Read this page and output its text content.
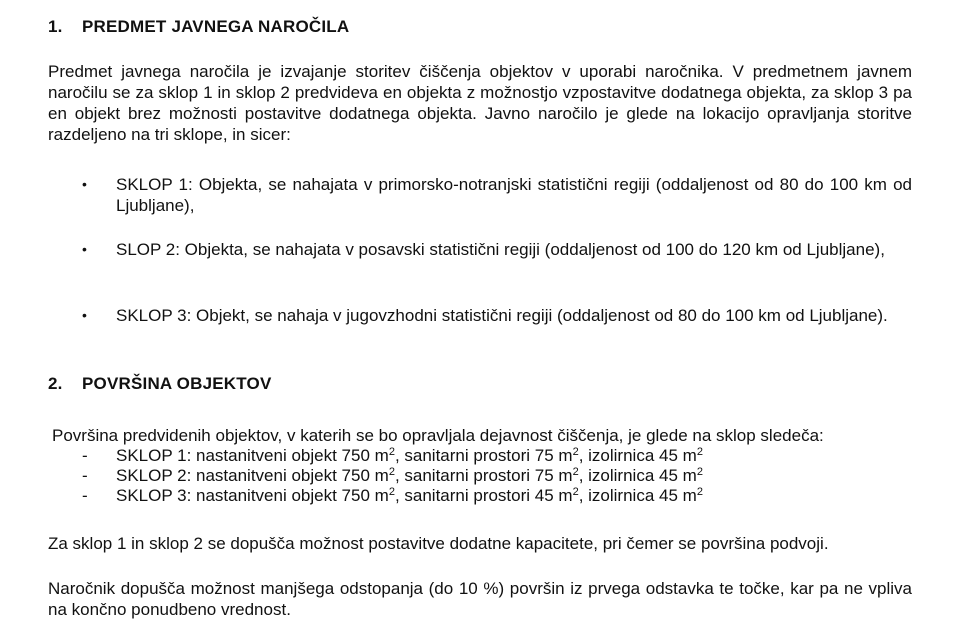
1. PREDMET JAVNEGA NAROČILA
Predmet javnega naročila je izvajanje storitev čiščenja objektov v uporabi naročnika. V predmetnem javnem naročilu se za sklop 1 in sklop 2 predvideva en objekta z možnostjo vzpostavitve dodatnega objekta, za sklop 3 pa en objekt brez možnosti postavitve dodatnega objekta. Javno naročilo je glede na lokacijo opravljanja storitve razdeljeno na tri sklope, in sicer:
•	SKLOP 1: Objekta, se nahajata v primorsko-notranjski statistični regiji (oddaljenost od 80 do 100 km od Ljubljane),
•	SLOP 2: Objekta, se nahajata v posavski statistični regiji (oddaljenost od 100 do 120 km od Ljubljane),
•	SKLOP 3: Objekt, se nahaja v jugovzhodni statistični regiji (oddaljenost od 80 do 100 km od Ljubljane).
2. POVRŠINA OBJEKTOV
Površina predvidenih objektov, v katerih se bo opravljala dejavnost čiščenja, je glede na sklop sledeča:
- SKLOP 1: nastanitveni objekt 750 $m^2$, sanitarni prostori 75 $m^2$, izolirnica 45 $m^2$
- SKLOP 2: nastanitveni objekt 750 $m^2$, sanitarni prostori 75 $m^2$, izolirnica 45 $m^2$
- SKLOP 3: nastanitveni objekt 750 $m^2$, sanitarni prostori 45 $m^2$, izolirnica 45 $m^2$
Za sklop 1 in sklop 2 se dopušča možnost postavitve dodatne kapacitete, pri čemer se površina podvoji.
Naročnik dopušča možnost manjšega odstopanja (do 10 %) površin iz prvega odstavka te točke, kar pa ne vpliva na končno ponudbeno vrednost.
